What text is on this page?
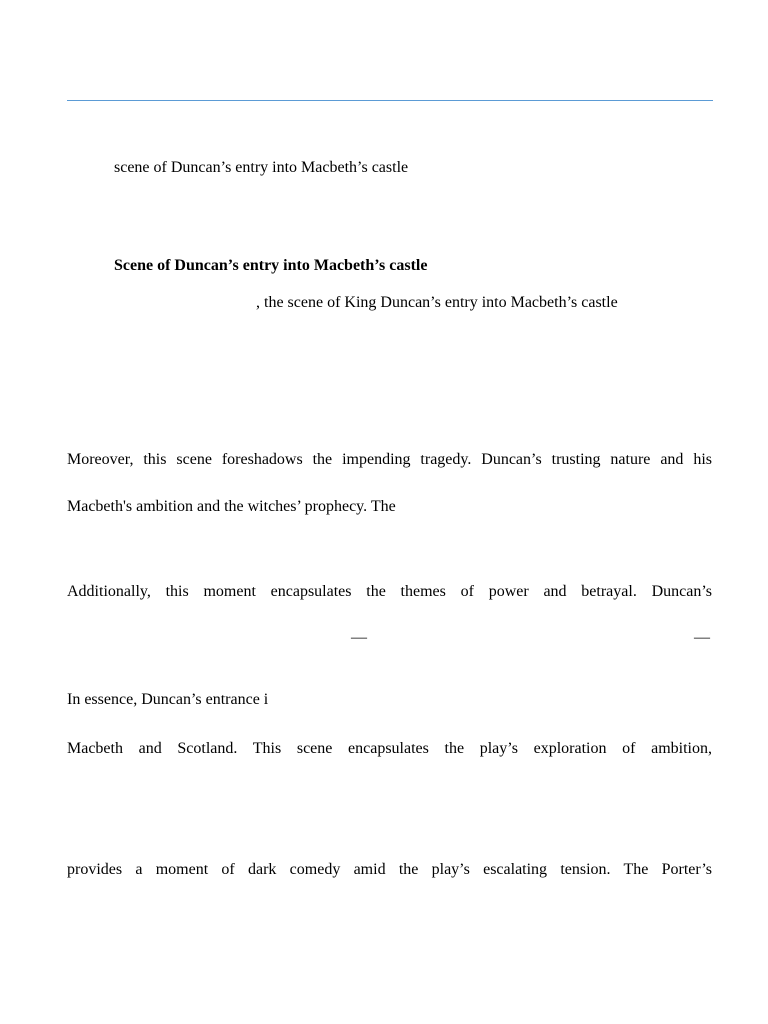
scene of Duncan’s entry into Macbeth’s castle
Scene of Duncan’s entry into Macbeth’s castle
, the scene of King Duncan’s entry into Macbeth’s castle
Moreover, this scene foreshadows the impending tragedy. Duncan’s trusting nature and his
Macbeth's ambition and the witches’ prophecy. The
Additionally, this moment encapsulates the themes of power and betrayal. Duncan’s
—	—
In essence, Duncan’s entrance i
Macbeth and Scotland. This scene encapsulates the play’s exploration of ambition,
provides a moment of dark comedy amid the play’s escalating tension. The Porter’s
